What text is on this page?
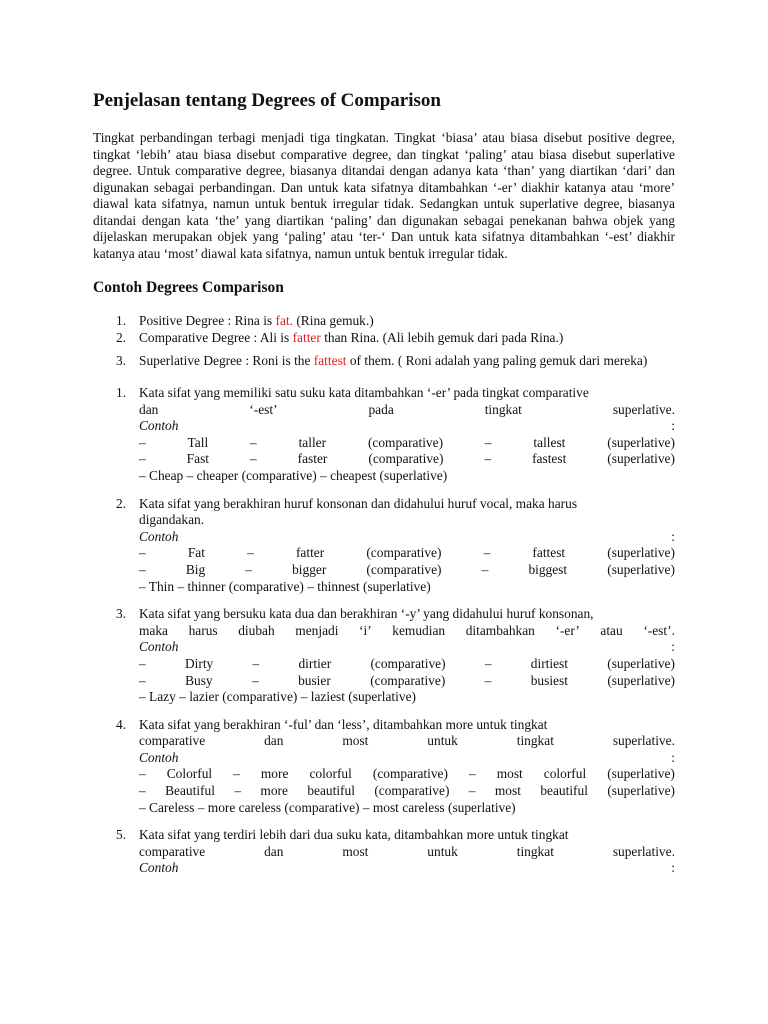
Penjelasan tentang Degrees of Comparison

Tingkat perbandingan terbagi menjadi tiga tingkatan. Tingkat ‘biasa’ atau biasa disebut positive degree, tingkat ‘lebih’ atau biasa disebut comparative degree, dan tingkat ‘paling’ atau biasa disebut superlative degree. Untuk comparative degree, biasanya ditandai dengan adanya kata ‘than’ yang diartikan ‘dari’ dan digunakan sebagai perbandingan. Dan untuk kata sifatnya ditambahkan ‘-er’ diakhir katanya atau ‘more’ diawal kata sifatnya, namun untuk bentuk irregular tidak. Sedangkan untuk superlative degree, biasanya ditandai dengan kata ‘the’ yang diartikan ‘paling’ dan digunakan sebagai penekanan bahwa objek yang dijelaskan merupakan objek yang ‘paling’ atau ‘ter-‘ Dan untuk kata sifatnya ditambahkan ‘-est’ diakhir katanya atau ‘most’ diawal kata sifatnya, namun untuk bentuk irregular tidak.

Contoh Degrees Comparison
1. Positive Degree : Rina is fat. (Rina gemuk.)
2. Comparative Degree : Ali is fatter than Rina. (Ali lebih gemuk dari pada Rina.)
3. Superlative Degree : Roni is the fattest of them. ( Roni adalah yang paling gemuk dari mereka)
1. Kata sifat yang memiliki satu suku kata ditambahkan ‘-er’ pada tingkat comparative
dan	‘-est’	pada	tingkat	superlative.
Contoh	:
–	Tall	–	taller	(comparative)	–	tallest	(superlative)
–	Fast	–	faster	(comparative)	–	fastest	(superlative)
– Cheap – cheaper (comparative) – cheapest (superlative)
2. Kata sifat yang berakhiran huruf konsonan dan didahului huruf vocal, maka harus
digandakan.
Contoh	:
–	Fat	–	fatter	(comparative)	–	fattest	(superlative)
–	Big	–	bigger	(comparative)	–	biggest	(superlative)
– Thin – thinner (comparative) – thinnest (superlative)
3. Kata sifat yang bersuku kata dua dan berakhiran ‘-y’ yang didahului huruf konsonan,
maka harus diubah menjadi ‘i’ kemudian ditambahkan ‘-er’ atau ‘-est’.
Contoh	:
–	Dirty	–	dirtier	(comparative)	–	dirtiest	(superlative)
–	Busy	–	busier	(comparative)	–	busiest	(superlative)
– Lazy – lazier (comparative) – laziest (superlative)
4. Kata sifat yang berakhiran ‘-ful’ dan ‘less’, ditambahkan more untuk tingkat
comparative	dan	most	untuk	tingkat	superlative.
Contoh	:
– Colorful – more colorful (comparative) – most colorful (superlative)
– Beautiful – more beautiful (comparative) – most beautiful (superlative)
– Careless – more careless (comparative) – most careless (superlative)
5. Kata sifat yang terdiri lebih dari dua suku kata, ditambahkan more untuk tingkat
comparative	dan	most	untuk	tingkat	superlative.
Contoh	:
